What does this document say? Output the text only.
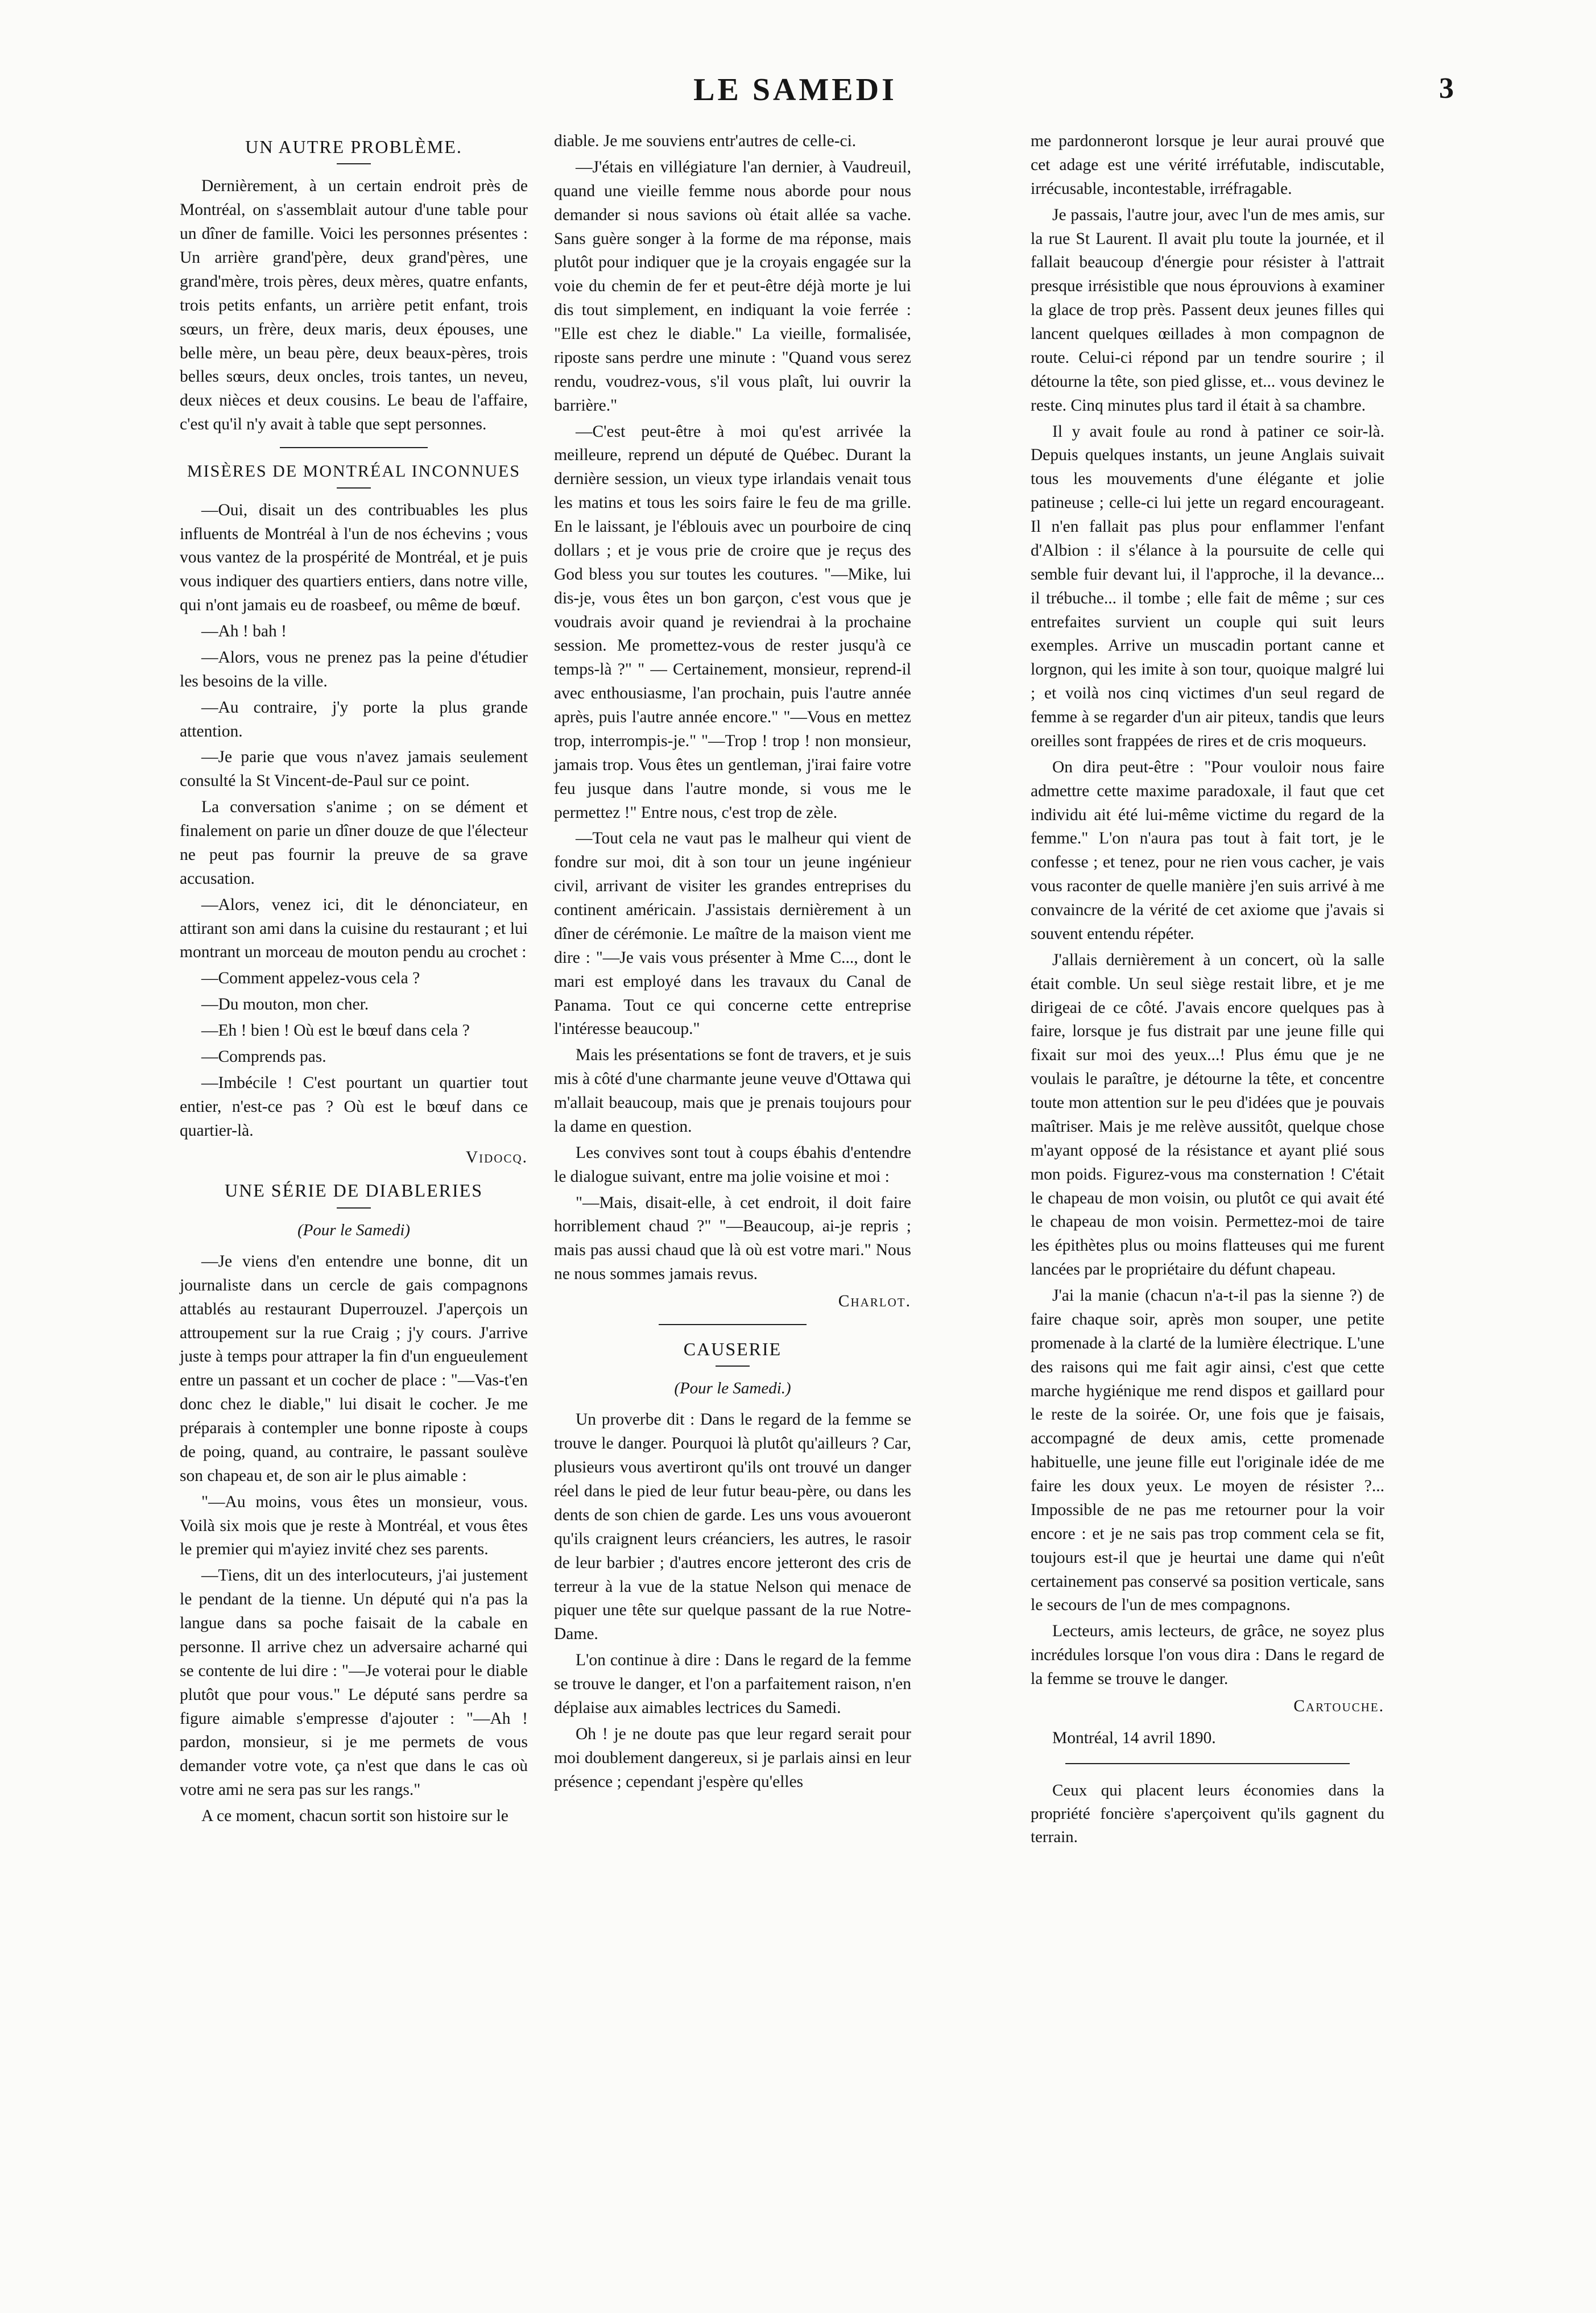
LE SAMEDI	3
UN AUTRE PROBLÈME.

Dernièrement, à un certain endroit près de Montréal, on s'assemblait autour d'une table pour un dîner de famille. Voici les personnes présentes : Un arrière grand'père, deux grand'pères, une grand'mère, trois pères, deux mères, quatre enfants, trois petits enfants, un arrière petit enfant, trois sœurs, un frère, deux maris, deux épouses, une belle mère, un beau père, deux beaux-pères, trois belles sœurs, deux oncles, trois tantes, un neveu, deux nièces et deux cousins. Le beau de l'affaire, c'est qu'il n'y avait à table que sept personnes.

MISÈRES DE MONTRÉAL INCONNUES

—Oui, disait un des contribuables les plus influents de Montréal à l'un de nos échevins ; vous vous vantez de la prospérité de Montréal, et je puis vous indiquer des quartiers entiers, dans notre ville, qui n'ont jamais eu de roasbeef, ou même de bœuf.

—Ah ! bah !

—Alors, vous ne prenez pas la peine d'étudier les besoins de la ville.

—Au contraire, j'y porte la plus grande attention.

—Je parie que vous n'avez jamais seulement consulté la St Vincent-de-Paul sur ce point.

La conversation s'anime ; on se dément et finalement on parie un dîner douze de que l'électeur ne peut pas fournir la preuve de sa grave accusation.

—Alors, venez ici, dit le dénonciateur, en attirant son ami dans la cuisine du restaurant ; et lui montrant un morceau de mouton pendu au crochet :

—Comment appelez-vous cela ?

—Du mouton, mon cher.

—Eh ! bien ! Où est le bœuf dans cela ?

—Comprends pas.

—Imbécile ! C'est pourtant un quartier tout entier, n'est-ce pas ? Où est le bœuf dans ce quartier-là.

Vidocq.
UNE SÉRIE DE DIABLERIES
(Pour le Samedi)

—Je viens d'en entendre une bonne, dit un journaliste dans un cercle de gais compagnons attablés au restaurant Duperrouzel. J'aperçois un attroupement sur la rue Craig ; j'y cours. J'arrive juste à temps pour attraper la fin d'un engueulement entre un passant et un cocher de place : "—Vas-t'en donc chez le diable," lui disait le cocher. Je me préparais à contempler une bonne riposte à coups de poing, quand, au contraire, le passant soulève son chapeau et, de son air le plus aimable :

"—Au moins, vous êtes un monsieur, vous. Voilà six mois que je reste à Montréal, et vous êtes le premier qui m'ayiez invité chez ses parents.

—Tiens, dit un des interlocuteurs, j'ai justement le pendant de la tienne. Un député qui n'a pas la langue dans sa poche faisait de la cabale en personne. Il arrive chez un adversaire acharné qui se contente de lui dire : "—Je voterai pour le diable plutôt que pour vous." Le député sans perdre sa figure aimable s'empresse d'ajouter : "—Ah ! pardon, monsieur, si je me permets de vous demander votre vote, ça n'est que dans le cas où votre ami ne sera pas sur les rangs."

A ce moment, chacun sortit son histoire sur le

diable. Je me souviens entr'autres de celle-ci.

—J'étais en villégiature l'an dernier, à Vaudreuil, quand une vieille femme nous aborde pour nous demander si nous savions où était allée sa vache. Sans guère songer à la forme de ma réponse, mais plutôt pour indiquer que je la croyais engagée sur la voie du chemin de fer et peut-être déjà morte je lui dis tout simplement, en indiquant la voie ferrée : "Elle est chez le diable." La vieille, formalisée, riposte sans perdre une minute : "Quand vous serez rendu, voudrez-vous, s'il vous plaît, lui ouvrir la barrière."

—C'est peut-être à moi qu'est arrivée la meilleure, reprend un député de Québec. Durant la dernière session, un vieux type irlandais venait tous les matins et tous les soirs faire le feu de ma grille. En le laissant, je l'éblouis avec un pourboire de cinq dollars ; et je vous prie de croire que je reçus des God bless you sur toutes les coutures. "—Mike, lui dis-je, vous êtes un bon garçon, c'est vous que je voudrais avoir quand je reviendrai à la prochaine session. Me promettez-vous de rester jusqu'à ce temps-là ?" " — Certainement, monsieur, reprend-il avec enthousiasme, l'an prochain, puis l'autre année après, puis l'autre année encore." "—Vous en mettez trop, interrompis-je." "—Trop ! trop ! non monsieur, jamais trop. Vous êtes un gentleman, j'irai faire votre feu jusque dans l'autre monde, si vous me le permettez !" Entre nous, c'est trop de zèle.

—Tout cela ne vaut pas le malheur qui vient de fondre sur moi, dit à son tour un jeune ingénieur civil, arrivant de visiter les grandes entreprises du continent américain. J'assistais dernièrement à un dîner de cérémonie. Le maître de la maison vient me dire : "—Je vais vous présenter à Mme C..., dont le mari est employé dans les travaux du Canal de Panama. Tout ce qui concerne cette entreprise l'intéresse beaucoup."

Mais les présentations se font de travers, et je suis mis à côté d'une charmante jeune veuve d'Ottawa qui m'allait beaucoup, mais que je prenais toujours pour la dame en question.

Les convives sont tout à coups ébahis d'entendre le dialogue suivant, entre ma jolie voisine et moi :

"—Mais, disait-elle, à cet endroit, il doit faire horriblement chaud ?" "—Beaucoup, ai-je repris ; mais pas aussi chaud que là où est votre mari." Nous ne nous sommes jamais revus.

Charlot.
CAUSERIE
(Pour le Samedi.)

Un proverbe dit : Dans le regard de la femme se trouve le danger. Pourquoi là plutôt qu'ailleurs ? Car, plusieurs vous avertiront qu'ils ont trouvé un danger réel dans le pied de leur futur beau-père, ou dans les dents de son chien de garde. Les uns vous avoueront qu'ils craignent leurs créanciers, les autres, le rasoir de leur barbier ; d'autres encore jetteront des cris de terreur à la vue de la statue Nelson qui menace de piquer une tête sur quelque passant de la rue Notre-Dame.

L'on continue à dire : Dans le regard de la femme se trouve le danger, et l'on a parfaitement raison, n'en déplaise aux aimables lectrices du Samedi.

Oh ! je ne doute pas que leur regard serait pour moi doublement dangereux, si je parlais ainsi en leur présence ; cependant j'espère qu'elles

me pardonneront lorsque je leur aurai prouvé que cet adage est une vérité irréfutable, indiscutable, irrécusable, incontestable, irréfragable.

Je passais, l'autre jour, avec l'un de mes amis, sur la rue St Laurent. Il avait plu toute la journée, et il fallait beaucoup d'énergie pour résister à l'attrait presque irrésistible que nous éprouvions à examiner la glace de trop près. Passent deux jeunes filles qui lancent quelques œillades à mon compagnon de route. Celui-ci répond par un tendre sourire ; il détourne la tête, son pied glisse, et... vous devinez le reste. Cinq minutes plus tard il était à sa chambre.

Il y avait foule au rond à patiner ce soir-là. Depuis quelques instants, un jeune Anglais suivait tous les mouvements d'une élégante et jolie patineuse ; celle-ci lui jette un regard encourageant. Il n'en fallait pas plus pour enflammer l'enfant d'Albion : il s'élance à la poursuite de celle qui semble fuir devant lui, il l'approche, il la devance... il trébuche... il tombe ; elle fait de même ; sur ces entrefaites survient un couple qui suit leurs exemples. Arrive un muscadin portant canne et lorgnon, qui les imite à son tour, quoique malgré lui ; et voilà nos cinq victimes d'un seul regard de femme à se regarder d'un air piteux, tandis que leurs oreilles sont frappées de rires et de cris moqueurs.

On dira peut-être : "Pour vouloir nous faire admettre cette maxime paradoxale, il faut que cet individu ait été lui-même victime du regard de la femme." L'on n'aura pas tout à fait tort, je le confesse ; et tenez, pour ne rien vous cacher, je vais vous raconter de quelle manière j'en suis arrivé à me convaincre de la vérité de cet axiome que j'avais si souvent entendu répéter.

J'allais dernièrement à un concert, où la salle était comble. Un seul siège restait libre, et je me dirigeai de ce côté. J'avais encore quelques pas à faire, lorsque je fus distrait par une jeune fille qui fixait sur moi des yeux...! Plus ému que je ne voulais le paraître, je détourne la tête, et concentre toute mon attention sur le peu d'idées que je pouvais maîtriser. Mais je me relève aussitôt, quelque chose m'ayant opposé de la résistance et ayant plié sous mon poids. Figurez-vous ma consternation ! C'était le chapeau de mon voisin, ou plutôt ce qui avait été le chapeau de mon voisin. Permettez-moi de taire les épithètes plus ou moins flatteuses qui me furent lancées par le propriétaire du défunt chapeau.

J'ai la manie (chacun n'a-t-il pas la sienne ?) de faire chaque soir, après mon souper, une petite promenade à la clarté de la lumière électrique. L'une des raisons qui me fait agir ainsi, c'est que cette marche hygiénique me rend dispos et gaillard pour le reste de la soirée. Or, une fois que je faisais, accompagné de deux amis, cette promenade habituelle, une jeune fille eut l'originale idée de me faire les doux yeux. Le moyen de résister ?... Impossible de ne pas me retourner pour la voir encore : et je ne sais pas trop comment cela se fit, toujours est-il que je heurtai une dame qui n'eût certainement pas conservé sa position verticale, sans le secours de l'un de mes compagnons.

Lecteurs, amis lecteurs, de grâce, ne soyez plus incrédules lorsque l'on vous dira : Dans le regard de la femme se trouve le danger.

Cartouche.

Montréal, 14 avril 1890.

Ceux qui placent leurs économies dans la propriété foncière s'aperçoivent qu'ils gagnent du terrain.
